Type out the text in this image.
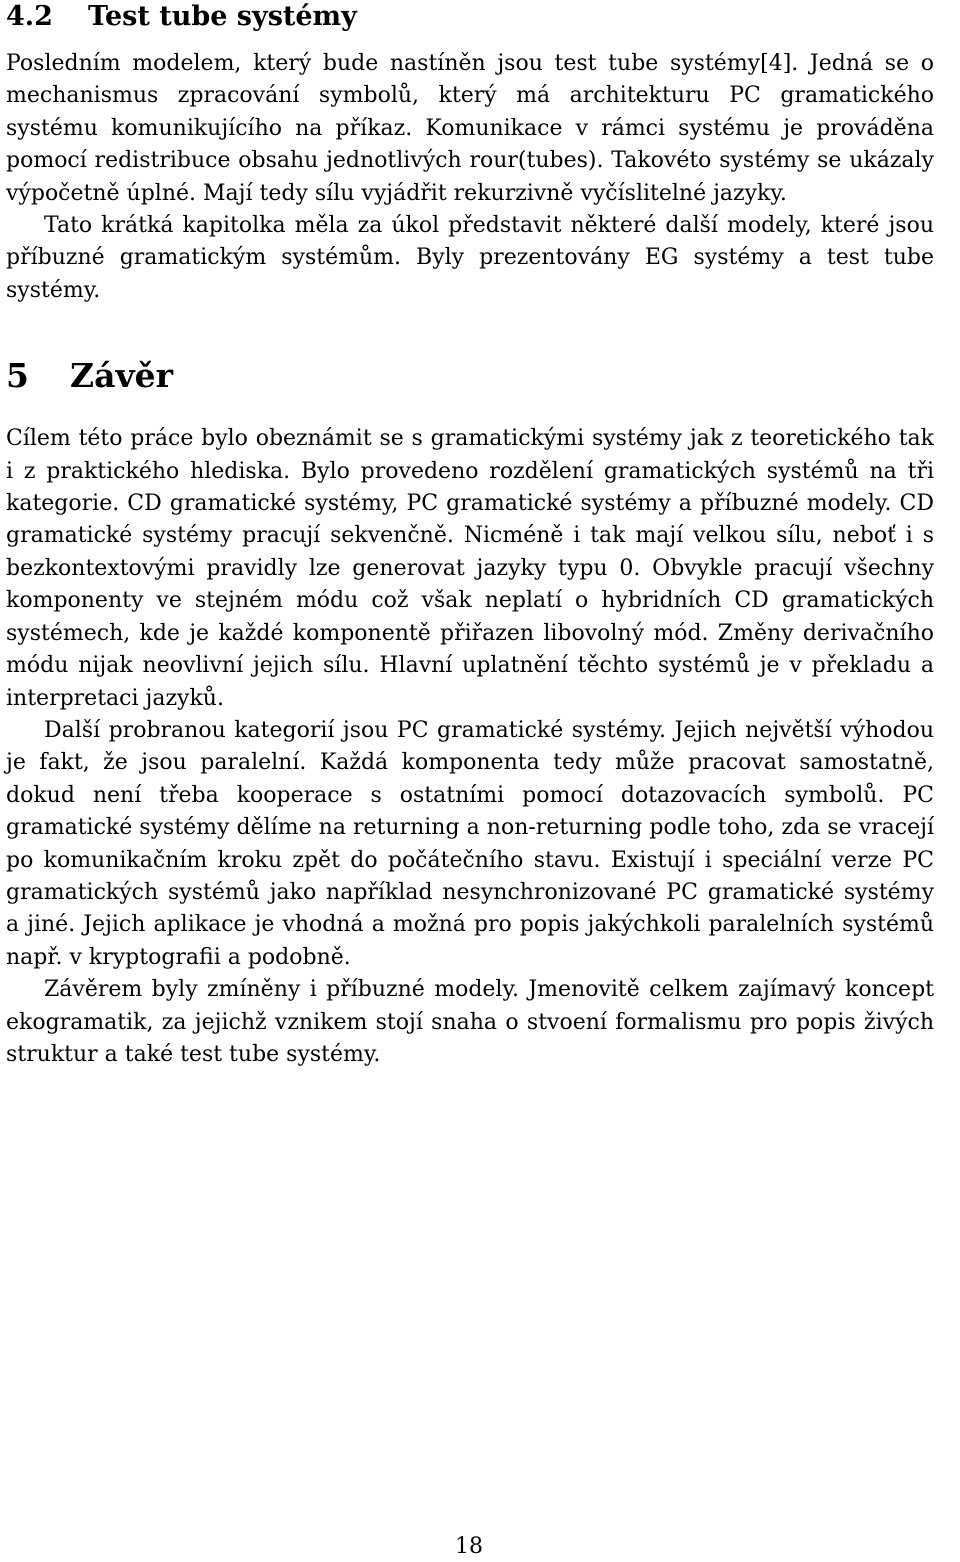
4.2 Test tube systémy

Posledním modelem, který bude nastíněn jsou test tube systémy[4]. Jedná se o mechanismus zpracování symbolů, který má architekturu PC gramatického systému komunikujícího na příkaz. Komunikace v rámci systému je prováděna pomocí redistribuce obsahu jednotlivých rour(tubes). Takovéto systémy se ukázaly výpočetně úplné. Mají tedy sílu vyjádřit rekurzivně vyčíslitelné jazyky.

Tato krátká kapitolka měla za úkol představit některé další modely, které jsou příbuzné gramatickým systémům. Byly prezentovány EG systémy a test tube systémy.

5 Závěr

Cílem této práce bylo obeznámit se s gramatickými systémy jak z teoretického tak i z praktického hlediska. Bylo provedeno rozdělení gramatických systémů na tři kategorie. CD gramatické systémy, PC gramatické systémy a příbuzné modely. CD gramatické systémy pracují sekvenčně. Nicméně i tak mají velkou sílu, neboť i s bezkontextovými pravidly lze generovat jazyky typu 0. Obvykle pracují všechny komponenty ve stejném módu což však neplatí o hybridních CD gramatických systémech, kde je každé komponentě přiřazen libovolný mód. Změny derivačního módu nijak neovlivní jejich sílu. Hlavní uplatnění těchto systémů je v překladu a interpretaci jazyků.

Další probranou kategorií jsou PC gramatické systémy. Jejich největší výhodou je fakt, že jsou paralelní. Každá komponenta tedy může pracovat samostatně, dokud není třeba kooperace s ostatními pomocí dotazovacích symbolů. PC gramatické systémy dělíme na returning a non-returning podle toho, zda se vracejí po komunikačním kroku zpět do počátečního stavu. Existují i speciální verze PC gramatických systémů jako například nesynchronizované PC gramatické systémy a jiné. Jejich aplikace je vhodná a možná pro popis jakýchkoli paralelních systémů např. v kryptografii a podobně.

Závěrem byly zmíněny i příbuzné modely. Jmenovitě celkem zajímavý koncept ekogramatik, za jejichž vznikem stojí snaha o stvoení formalismu pro popis živých struktur a také test tube systémy.

18
